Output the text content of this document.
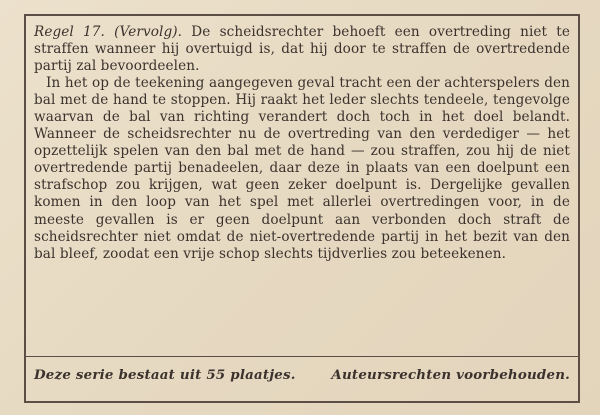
Regel 17. (Vervolg). De scheidsrechter behoeft een overtreding niet te straffen wanneer hij overtuigd is, dat hij door te straffen de overtredende partij zal bevoordeelen.

In het op de teekening aangegeven geval tracht een der achterspelers den bal met de hand te stoppen. Hij raakt het leder slechts tendeele, tengevolge waarvan de bal van richting verandert doch toch in het doel belandt. Wanneer de scheidsrechter nu de overtreding van den verdediger — het opzettelijk spelen van den bal met de hand — zou straffen, zou hij de niet overtredende partij benadeelen, daar deze in plaats van een doelpunt een strafschop zou krijgen, wat geen zeker doelpunt is. Dergelijke gevallen komen in den loop van het spel met allerlei overtredingen voor, in de meeste gevallen is er geen doelpunt aan verbonden doch straft de scheidsrechter niet omdat de niet-overtredende partij in het bezit van den bal bleef, zoodat een vrije schop slechts tijdverlies zou beteekenen.

Deze serie bestaat uit 55 plaatjes.	Auteursrechten voorbehouden.
